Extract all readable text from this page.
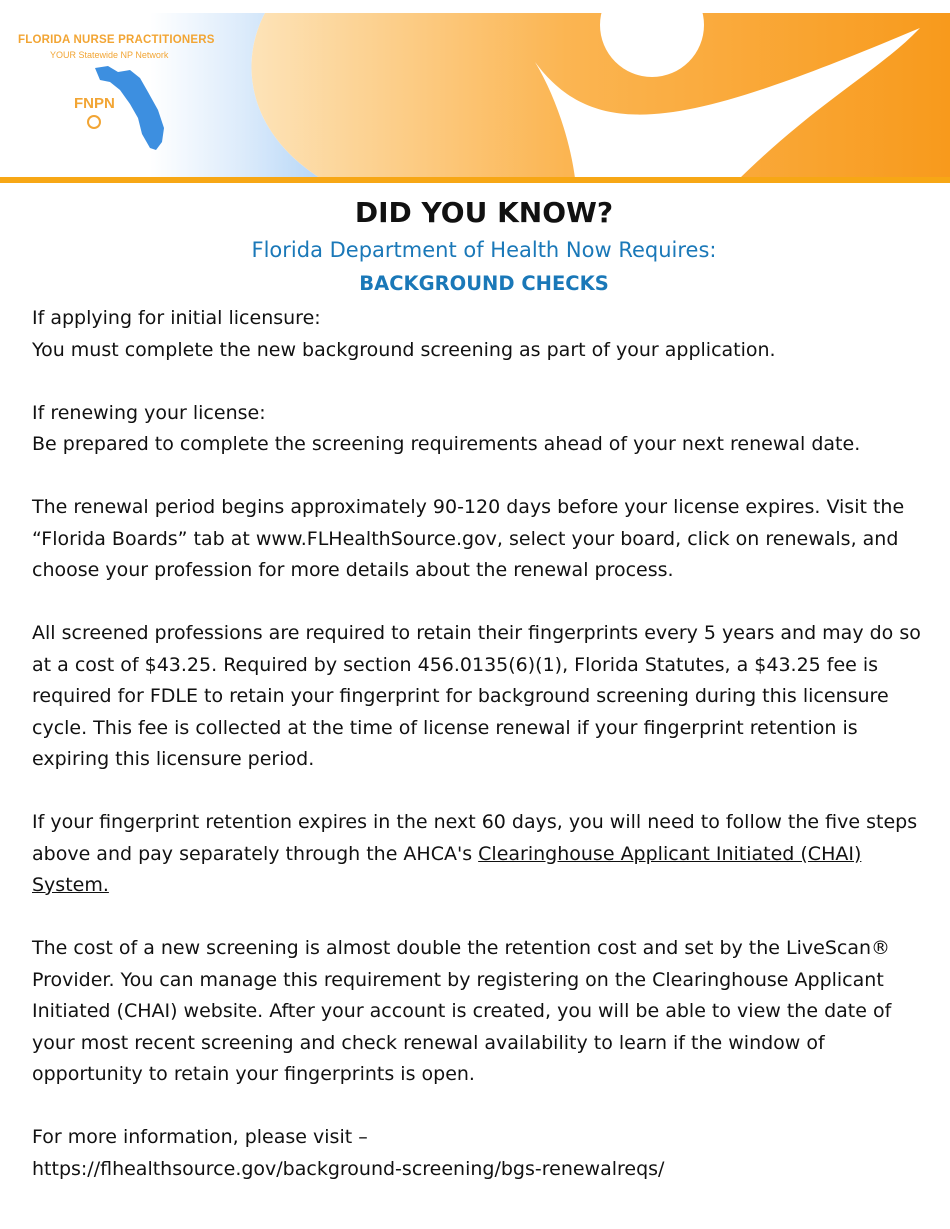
FLORIDA NURSE PRACTITIONERS
YOUR Statewide NP Network
FNPN
DID YOU KNOW?
Florida Department of Health Now Requires:
BACKGROUND CHECKS

If applying for initial licensure:
You must complete the new background screening as part of your application.

If renewing your license:
Be prepared to complete the screening requirements ahead of your next renewal date.

The renewal period begins approximately 90-120 days before your license expires. Visit the “Florida Boards” tab at www.FLHealthSource.gov, select your board, click on renewals, and choose your profession for more details about the renewal process.

All screened professions are required to retain their fingerprints every 5 years and may do so at a cost of $43.25. Required by section 456.0135(6)(1), Florida Statutes, a $43.25 fee is required for FDLE to retain your fingerprint for background screening during this licensure cycle. This fee is collected at the time of license renewal if your fingerprint retention is expiring this licensure period.

If your fingerprint retention expires in the next 60 days, you will need to follow the five steps above and pay separately through the AHCA's Clearinghouse Applicant Initiated (CHAI) System.

The cost of a new screening is almost double the retention cost and set by the LiveScan® Provider. You can manage this requirement by registering on the Clearinghouse Applicant Initiated (CHAI) website. After your account is created, you will be able to view the date of your most recent screening and check renewal availability to learn if the window of opportunity to retain your fingerprints is open.

For more information, please visit –
https://flhealthsource.gov/background-screening/bgs-renewalreqs/
